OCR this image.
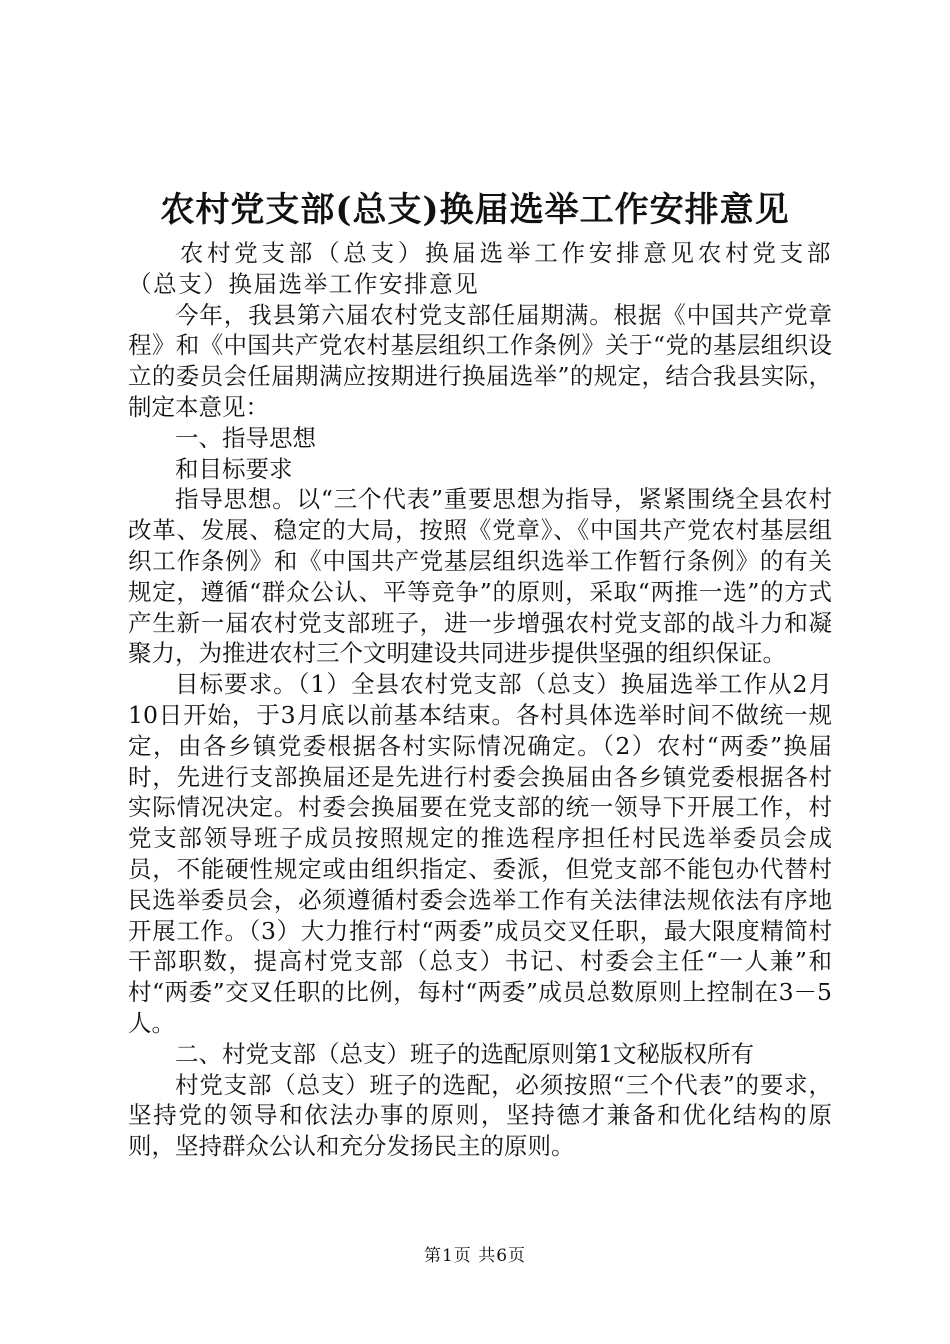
农村党支部(总支)换届选举工作安排意见

农村党支部（总支）换届选举工作安排意见农村党支部（总支）换届选举工作安排意见

今年，我县第六届农村党支部任届期满。根据《中国共产党章程》和《中国共产党农村基层组织工作条例》关于“党的基层组织设立的委员会任届期满应按期进行换届选举”的规定，结合我县实际，制定本意见：

一、指导思想

和目标要求

指导思想。以“三个代表”重要思想为指导，紧紧围绕全县农村改革、发展、稳定的大局，按照《党章》、《中国共产党农村基层组织工作条例》和《中国共产党基层组织选举工作暂行条例》的有关规定，遵循“群众公认、平等竞争”的原则，采取“两推一选”的方式产生新一届农村党支部班子，进一步增强农村党支部的战斗力和凝聚力，为推进农村三个文明建设共同进步提供坚强的组织保证。

目标要求。（1）全县农村党支部（总支）换届选举工作从2月10日开始，于3月底以前基本结束。各村具体选举时间不做统一规定，由各乡镇党委根据各村实际情况确定。（2）农村“两委”换届时，先进行支部换届还是先进行村委会换届由各乡镇党委根据各村实际情况决定。村委会换届要在党支部的统一领导下开展工作，村党支部领导班子成员按照规定的推选程序担任村民选举委员会成员，不能硬性规定或由组织指定、委派，但党支部不能包办代替村民选举委员会，必须遵循村委会选举工作有关法律法规依法有序地开展工作。（3）大力推行村“两委”成员交叉任职，最大限度精简村干部职数，提高村党支部（总支）书记、村委会主任“一人兼”和村“两委”交叉任职的比例，每村“两委”成员总数原则上控制在3－5人。

二、村党支部（总支）班子的选配原则第1文秘版权所有

村党支部（总支）班子的选配，必须按照“三个代表”的要求，坚持党的领导和依法办事的原则，坚持德才兼备和优化结构的原则，坚持群众公认和充分发扬民主的原则。

第1页 共6页
